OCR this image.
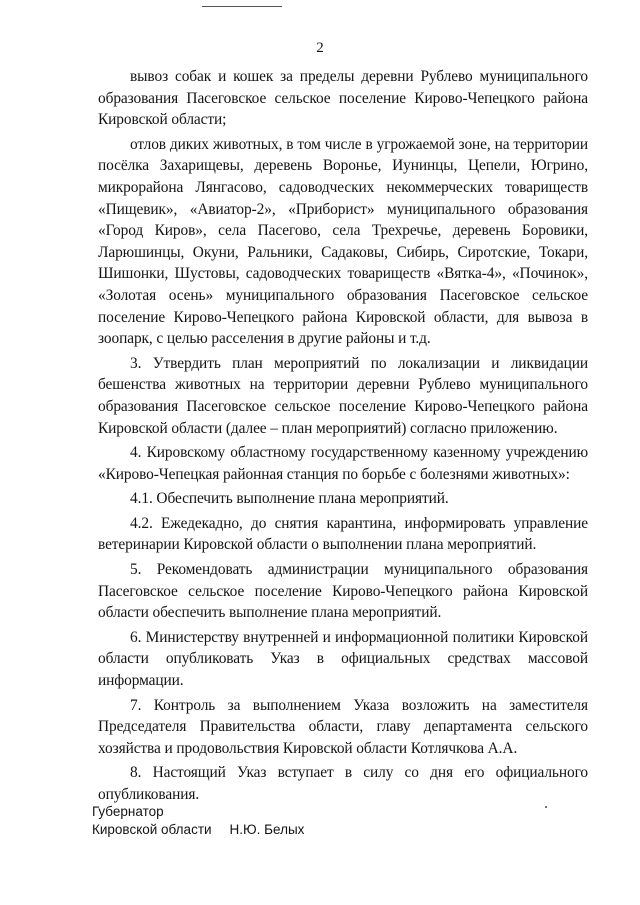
2

вывоз собак и кошек за пределы деревни Рублево муниципального образования Пасеговское сельское поселение Кирово-Чепецкого района Кировской области;

отлов диких животных, в том числе в угрожаемой зоне, на территории посёлка Захарищевы, деревень Воронье, Иунинцы, Цепели, Югрино, микрорайона Лянгасово, садоводческих некоммерческих товариществ «Пищевик», «Авиатор-2», «Приборист» муниципального образования «Город Киров», села Пасегово, села Трехречье, деревень Боровики, Ларюшинцы, Окуни, Ральники, Садаковы, Сибирь, Сиротские, Токари, Шишонки, Шустовы, садоводческих товариществ «Вятка-4», «Починок», «Золотая осень» муниципального образования Пасеговское сельское поселение Кирово-Чепецкого района Кировской области, для вывоза в зоопарк, с целью расселения в другие районы и т.д.

3. Утвердить план мероприятий по локализации и ликвидации бешенства животных на территории деревни Рублево муниципального образования Пасеговское сельское поселение Кирово-Чепецкого района Кировской области (далее – план мероприятий) согласно приложению.

4. Кировскому областному государственному казенному учреждению «Кирово-Чепецкая районная станция по борьбе с болезнями животных»:

4.1. Обеспечить выполнение плана мероприятий.

4.2. Ежедекадно, до снятия карантина, информировать управление ветеринарии Кировской области о выполнении плана мероприятий.

5. Рекомендовать администрации муниципального образования Пасеговское сельское поселение Кирово-Чепецкого района Кировской области обеспечить выполнение плана мероприятий.

6. Министерству внутренней и информационной политики Кировской области опубликовать Указ в официальных средствах массовой информации.

7. Контроль за выполнением Указа возложить на заместителя Председателя Правительства области, главу департамента сельского хозяйства и продовольствия Кировской области Котлячкова А.А.

8. Настоящий Указ вступает в силу со дня его официального опубликования.

Губернатор
Кировской области Н.Ю. Белых
